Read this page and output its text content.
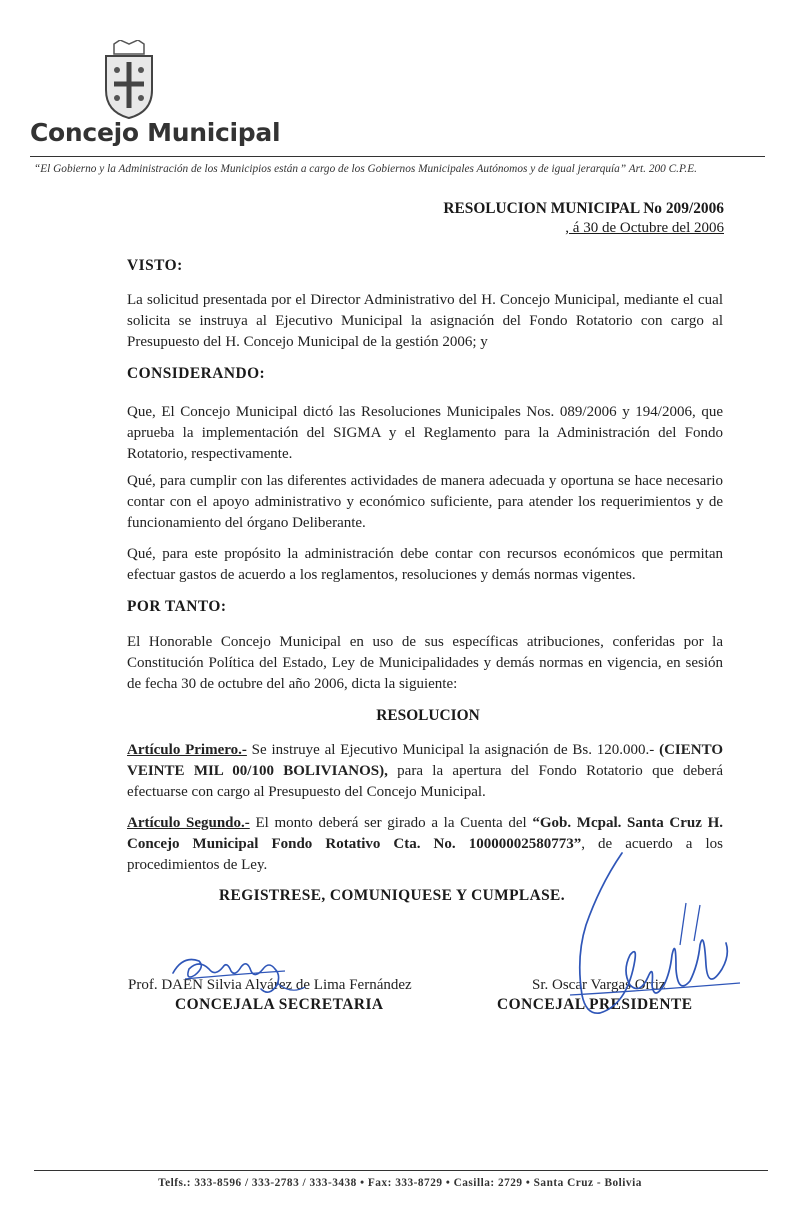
Concejo Municipal
“El Gobierno y la Administración de los Municipios están a cargo de los Gobiernos Municipales Autónomos y de igual jerarquía” Art. 200 C.P.E.
RESOLUCION MUNICIPAL No 209/2006
, á 30 de Octubre del 2006
VISTO:
La solicitud presentada por el Director Administrativo del H. Concejo Municipal, mediante el cual solicita se instruya al Ejecutivo Municipal la asignación del Fondo Rotatorio con cargo al Presupuesto del H. Concejo Municipal de la gestión 2006; y
CONSIDERANDO:
Que, El Concejo Municipal dictó las Resoluciones Municipales Nos. 089/2006 y 194/2006, que aprueba la implementación del SIGMA y el Reglamento para la Administración del Fondo Rotatorio, respectivamente.
Qué, para cumplir con las diferentes actividades de manera adecuada y oportuna se hace necesario contar con el apoyo administrativo y económico suficiente, para atender los requerimientos y de funcionamiento del órgano Deliberante.
Qué, para este propósito la administración debe contar con recursos económicos que permitan efectuar gastos de acuerdo a los reglamentos, resoluciones y demás normas vigentes.
POR TANTO:
El Honorable Concejo Municipal en uso de sus específicas atribuciones, conferidas por la Constitución Política del Estado, Ley de Municipalidades y demás normas en vigencia, en sesión de fecha 30 de octubre del año 2006, dicta la siguiente:
RESOLUCION
Artículo Primero.- Se instruye al Ejecutivo Municipal la asignación de Bs. 120.000.- (CIENTO VEINTE MIL 00/100 BOLIVIANOS), para la apertura del Fondo Rotatorio que deberá efectuarse con cargo al Presupuesto del Concejo Municipal.
Artículo Segundo.- El monto deberá ser girado a la Cuenta del “Gob. Mcpal. Santa Cruz H. Concejo Municipal Fondo Rotativo Cta. No. 10000002580773”, de acuerdo a los procedimientos de Ley.
REGISTRESE, COMUNIQUESE Y CUMPLASE.
Prof. DAEN Silvia Alvárez de Lima Fernández
CONCEJALA SECRETARIA
Sr. Oscar Vargas Ortiz
CONCEJAL PRESIDENTE
Telfs.: 333-8596 / 333-2783 / 333-3438 • Fax: 333-8729 • Casilla: 2729 • Santa Cruz - Bolivia
